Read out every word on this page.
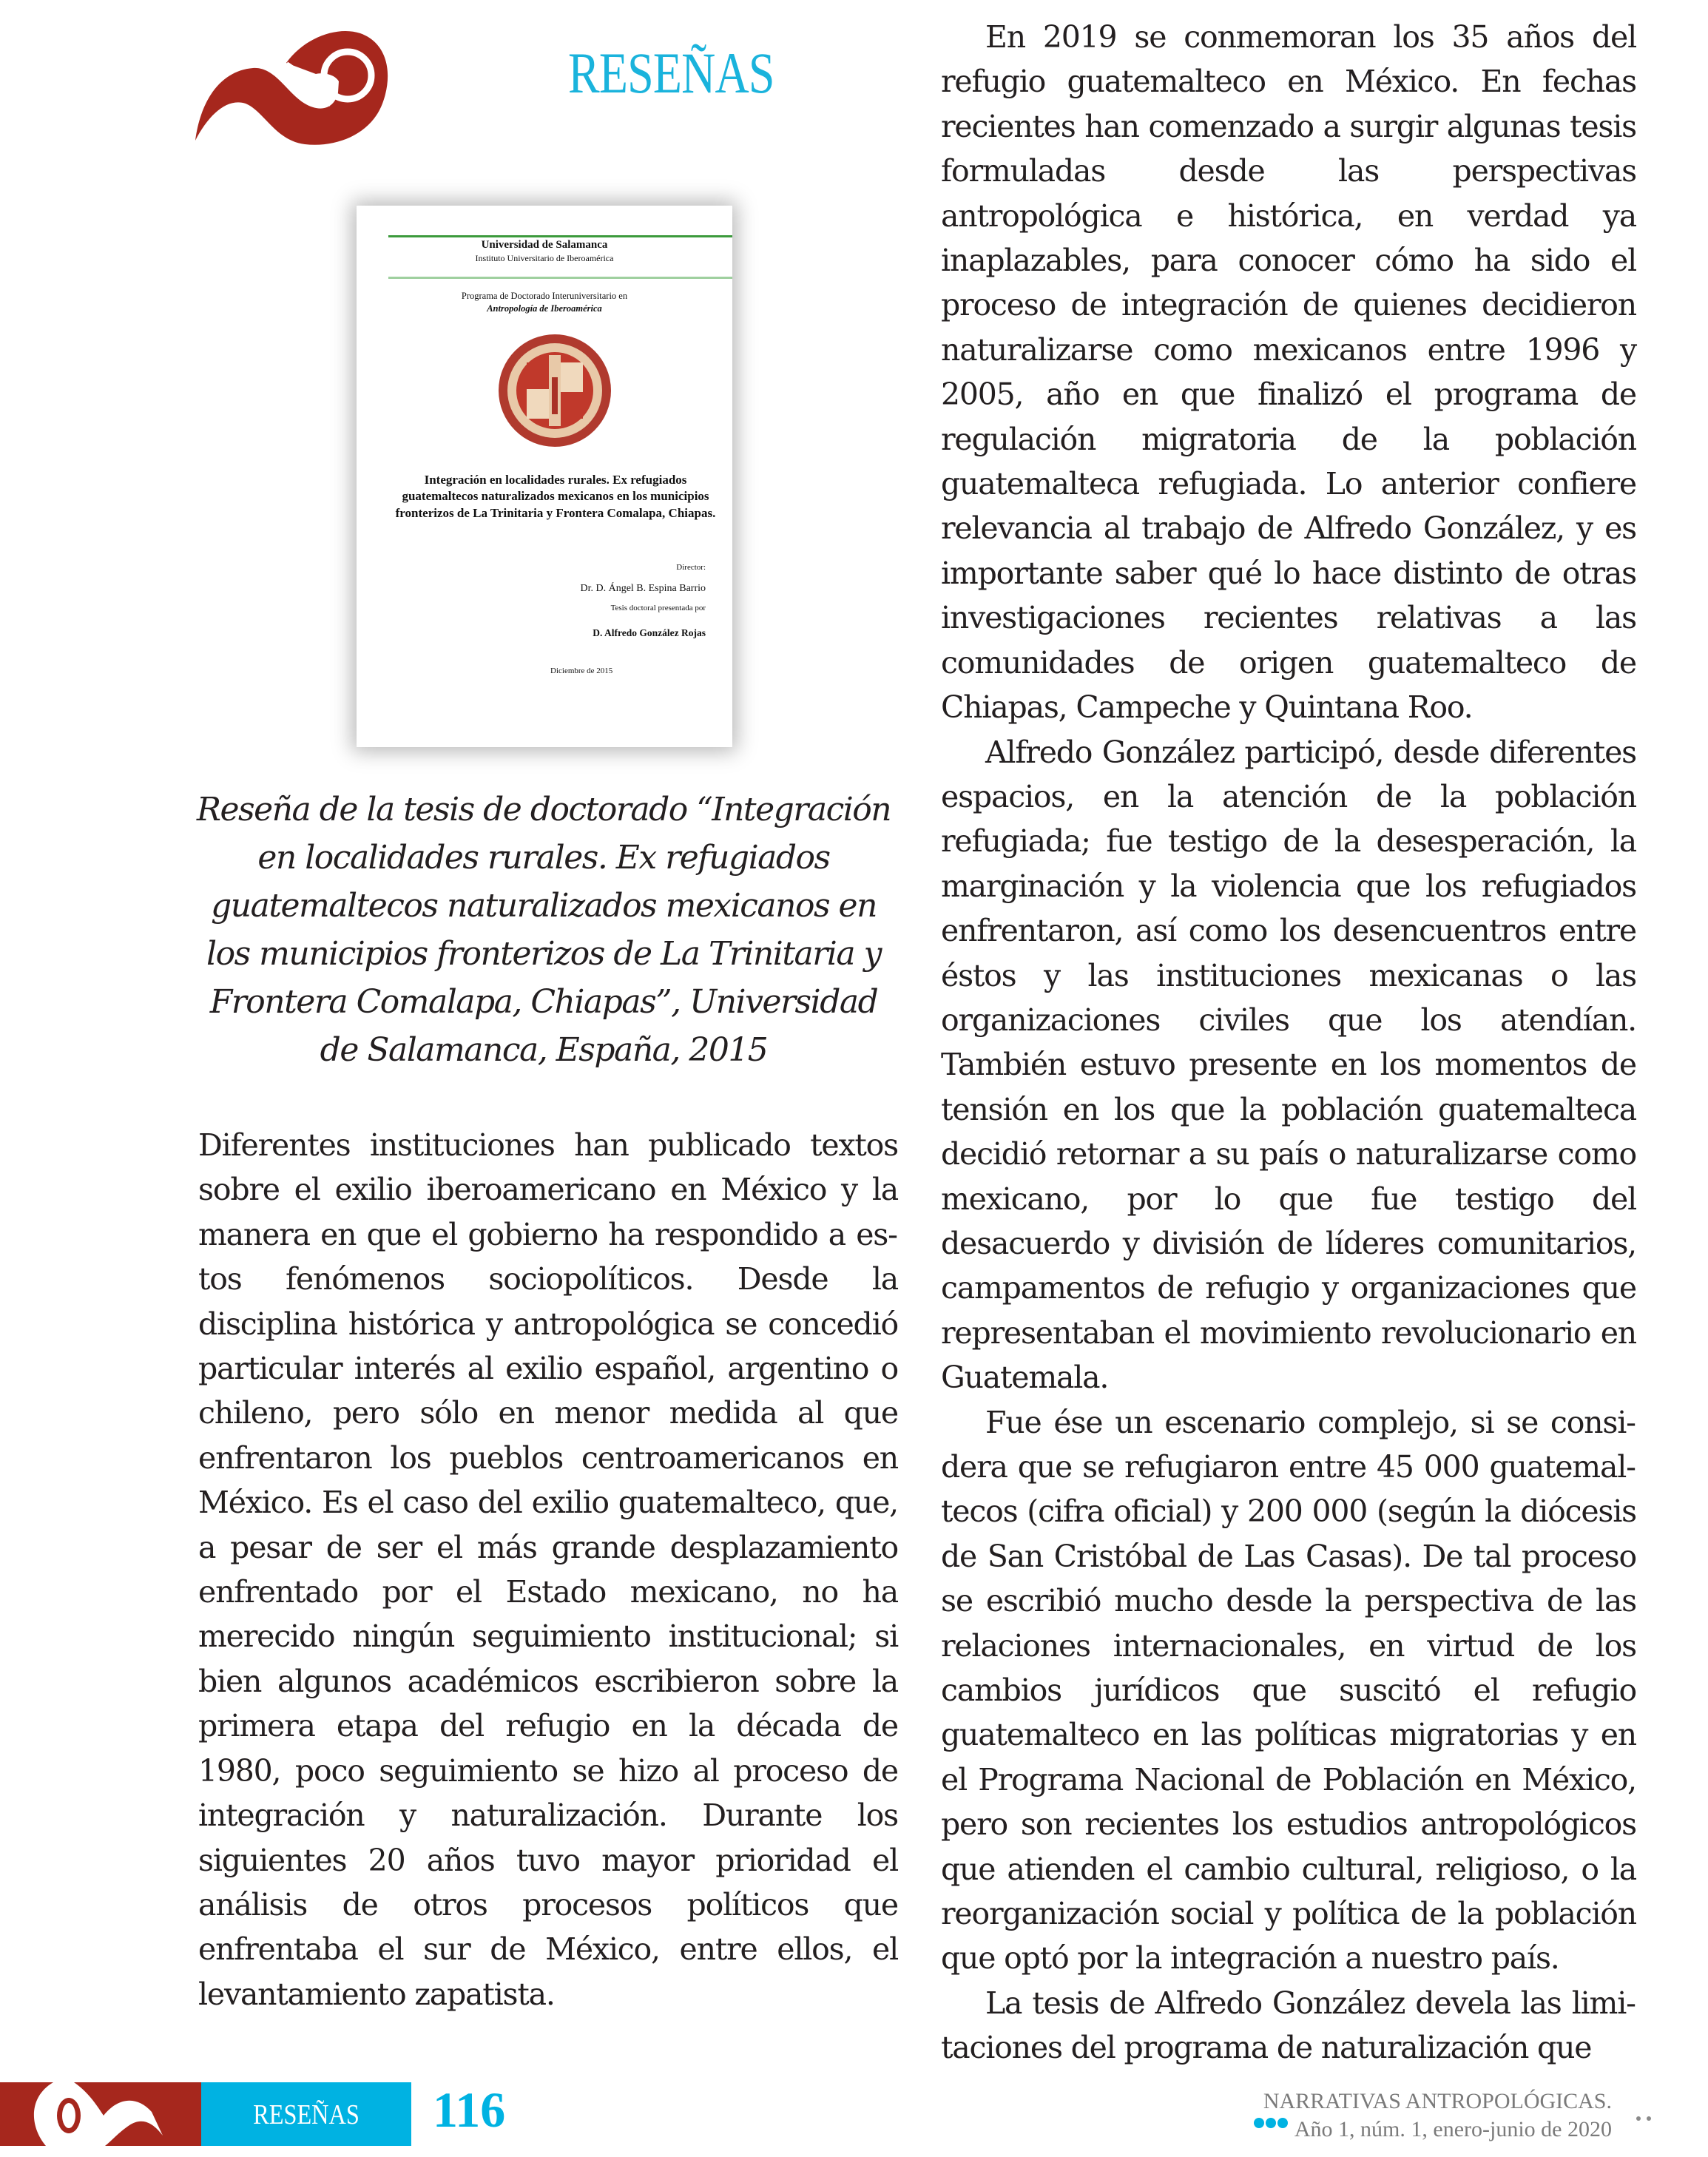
RESEÑAS
Universidad de Salamanca
Instituto Universitario de Iberoamérica
Programa de Doctorado Interuniversitario en
Antropología de Iberoamérica
Integración en localidades rurales. Ex refugiados guatemaltecos naturalizados mexicanos en los municipios fronterizos de La Trinitaria y Frontera Comalapa, Chiapas.
Director:
Dr. D. Ángel B. Espina Barrio
Tesis doctoral presentada por
D. Alfredo González Rojas
Diciembre de 2015
Reseña de la tesis de doctorado “Integración en localidades rurales. Ex refugiados guatemaltecos naturalizados mexicanos en los municipios fronterizos de La Trinitaria y Frontera Comalapa, Chiapas”, Universidad de Salamanca, España, 2015

Diferentes instituciones han publicado textos sobre el exilio iberoamericano en México y la manera en que el gobierno ha respondido a estos fenómenos sociopolíticos. Desde la disciplina histórica y antropológica se concedió particular interés al exilio español, argentino o chileno, pero sólo en menor medida al que enfrentaron los pueblos centroamericanos en México. Es el caso del exilio guatemalteco, que, a pesar de ser el más grande desplazamiento enfrentado por el Estado mexicano, no ha merecido ningún seguimiento institucional; si bien algunos académicos escribieron sobre la primera etapa del refugio en la década de 1980, poco seguimiento se hizo al proceso de integración y naturalización. Durante los siguientes 20 años tuvo mayor prioridad el análisis de otros procesos políticos que enfrentaba el sur de México, entre ellos, el levantamiento zapatista.

En 2019 se conmemoran los 35 años del refugio guatemalteco en México. En fechas recientes han comenzado a surgir algunas tesis formuladas desde las perspectivas antropológica e histórica, en verdad ya inaplazables, para conocer cómo ha sido el proceso de integración de quienes decidieron naturalizarse como mexicanos entre 1996 y 2005, año en que finalizó el programa de regulación migratoria de la población guatemalteca refugiada. Lo anterior confiere relevancia al trabajo de Alfredo González, y es importante saber qué lo hace distinto de otras investigaciones recientes relativas a las comunidades de origen guatemalteco de Chiapas, Campeche y Quintana Roo.

Alfredo González participó, desde diferentes espacios, en la atención de la población refugiada; fue testigo de la desesperación, la marginación y la violencia que los refugiados enfrentaron, así como los desencuentros entre éstos y las instituciones mexicanas o las organizaciones civiles que los atendían. También estuvo presente en los momentos de tensión en los que la población guatemalteca decidió retornar a su país o naturalizarse como mexicano, por lo que fue testigo del desacuerdo y división de líderes comunitarios, campamentos de refugio y organizaciones que representaban el movimiento revolucionario en Guatemala.

Fue ése un escenario complejo, si se considera que se refugiaron entre 45 000 guatemaltecos (cifra oficial) y 200 000 (según la diócesis de San Cristóbal de Las Casas). De tal proceso se escribió mucho desde la perspectiva de las relaciones internacionales, en virtud de los cambios jurídicos que suscitó el refugio guatemalteco en las políticas migratorias y en el Programa Nacional de Población en México, pero son recientes los estudios antropológicos que atienden el cambio cultural, religioso, o la reorganización social y política de la población que optó por la integración a nuestro país.

La tesis de Alfredo González devela las limitaciones del programa de naturalización que

RESEÑAS	116	NARRATIVAS ANTROPOLÓGICAS.
Año 1, núm. 1, enero-junio de 2020
